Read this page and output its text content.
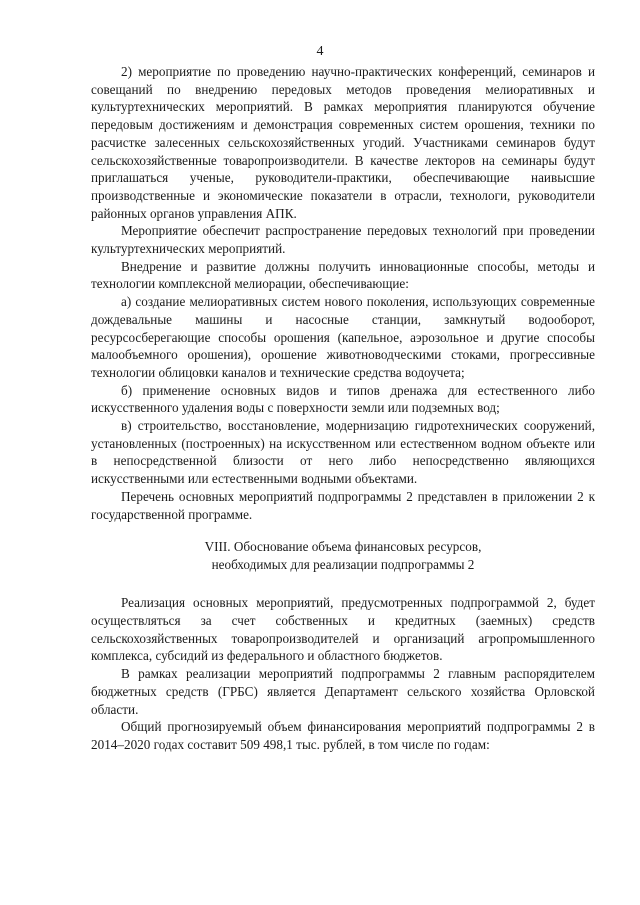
4

2) мероприятие по проведению научно-практических конференций, семинаров и совещаний по внедрению передовых методов проведения мелиоративных и культуртехнических мероприятий. В рамках мероприятия планируются обучение передовым достижениям и демонстрация современных систем орошения, техники по расчистке залесенных сельскохозяйственных угодий. Участниками семинаров будут сельскохозяйственные товаропроизводители. В качестве лекторов на семинары будут приглашаться ученые, руководители-практики, обеспечивающие наивысшие производственные и экономические показатели в отрасли, технологи, руководители районных органов управления АПК.

Мероприятие обеспечит распространение передовых технологий при проведении культуртехнических мероприятий.

Внедрение и развитие должны получить инновационные способы, методы и технологии комплексной мелиорации, обеспечивающие:

а) создание мелиоративных систем нового поколения, использующих современные дождевальные машины и насосные станции, замкнутый водооборот, ресурсосберегающие способы орошения (капельное, аэрозольное и другие способы малообъемного орошения), орошение животноводческими стоками, прогрессивные технологии облицовки каналов и технические средства водоучета;

б) применение основных видов и типов дренажа для естественного либо искусственного удаления воды с поверхности земли или подземных вод;

в) строительство, восстановление, модернизацию гидротехнических сооружений, установленных (построенных) на искусственном или естественном водном объекте или в непосредственной близости от него либо непосредственно являющихся искусственными или естественными водными объектами.

Перечень основных мероприятий подпрограммы 2 представлен в приложении 2 к государственной программе.

VIII. Обоснование объема финансовых ресурсов,
необходимых для реализации подпрограммы 2

Реализация основных мероприятий, предусмотренных подпрограммой 2, будет осуществляться за счет собственных и кредитных (заемных) средств сельскохозяйственных товаропроизводителей и организаций агропромышленного комплекса, субсидий из федерального и областного бюджетов.

В рамках реализации мероприятий подпрограммы 2 главным распорядителем бюджетных средств (ГРБС) является Департамент сельского хозяйства Орловской области.

Общий прогнозируемый объем финансирования мероприятий подпрограммы 2 в 2014–2020 годах составит 509 498,1 тыс. рублей, в том числе по годам:
